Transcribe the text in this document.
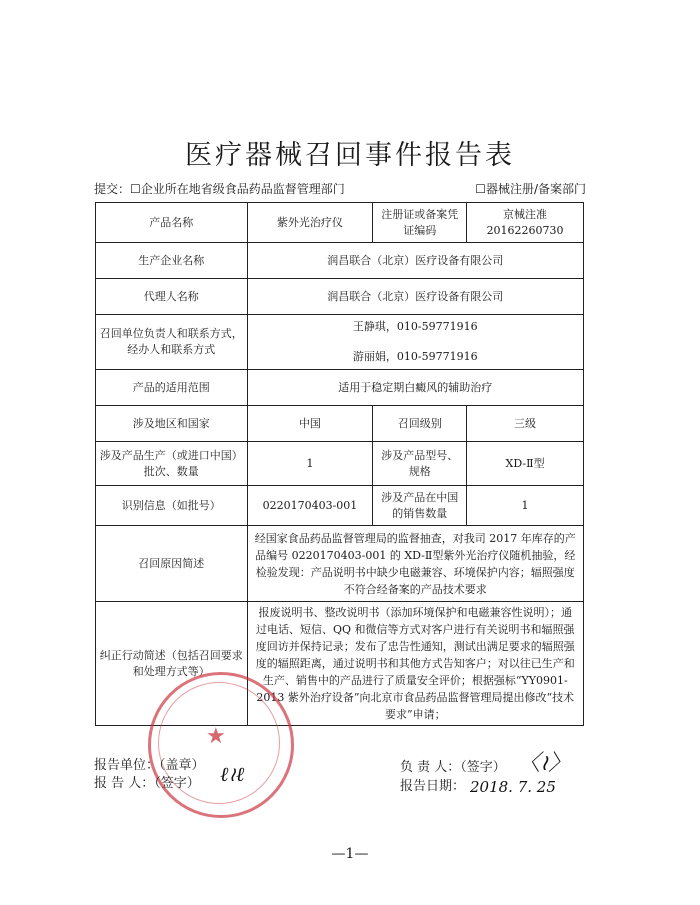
医疗器械召回事件报告表
提交：☐企业所在地省级食品药品监督管理部门	☐器械注册/备案部门
产品名称	紫外光治疗仪	注册证或备案凭证编码	京械注准 20162260730
生产企业名称	润昌联合（北京）医疗设备有限公司		
代理人名称	润昌联合（北京）医疗设备有限公司		
召回单位负责人和联系方式，经办人和联系方式	王静琪，010-59771916
游丽娟，010-59771916		

产品的适用范围	适用于稳定期白癜风的辅助治疗		
涉及地区和国家	中国	召回级别	三级
涉及产品生产（或进口中国）批次、数量	1	涉及产品型号、规格	XD-Ⅱ型
识别信息（如批号）	0220170403-001	涉及产品在中国的销售数量	1
召回原因简述	经国家食品药品监督管理局的监督抽查，对我司 2017 年库存的产品编号 0220170403-001 的 XD-Ⅱ型紫外光治疗仪随机抽验，经检验发现：产品说明书中缺少电磁兼容、环境保护内容；辐照强度不符合经备案的产品技术要求		
纠正行动简述（包括召回要求和处理方式等）	报废说明书、整改说明书（添加环境保护和电磁兼容性说明）；通过电话、短信、QQ 和微信等方式对客户进行有关说明书和辐照强度回访并保持记录；发布了忠告性通知，测试出满足要求的辐照强度的辐照距离，通过说明书和其他方式告知客户；对以往已生产和生产、销售中的产品进行了质量安全评价；根据强标“YY0901-2013 紫外治疗设备”向北京市食品药品监督管理局提出修改“技术要求”申请；		
★
报告单位：（盖章）
报 告 人：（签字） ℓ≀ℓ	负 责 人：（签字） 〈≀〉
报告日期： 2018. 7. 25
—1—
